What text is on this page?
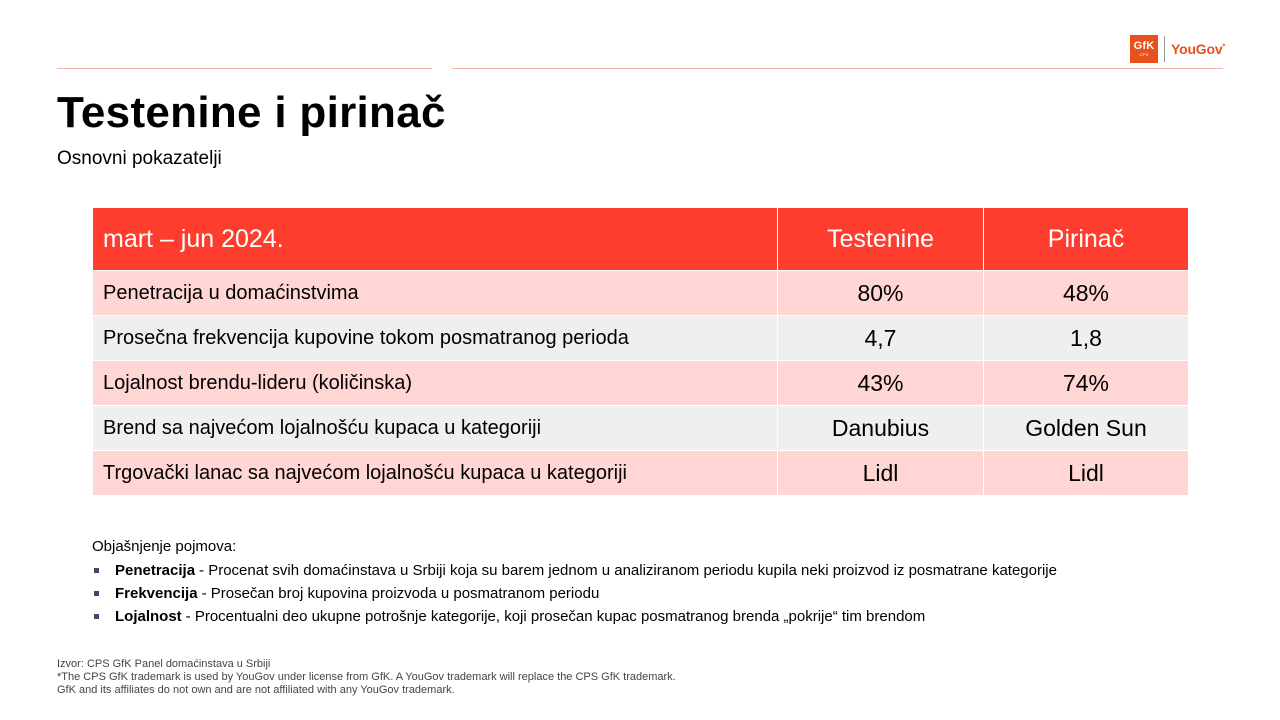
GfK
CPS YouGov*
Testenine i pirinač
Osnovni pokazatelji
mart – jun 2024.	Testenine	Pirinač
Penetracija u domaćinstvima	80%	48%
Prosečna frekvencija kupovine tokom posmatranog perioda	4,7	1,8
Lojalnost brendu-lideru (količinska)	43%	74%
Brend sa najvećom lojalnošću kupaca u kategoriji	Danubius	Golden Sun
Trgovački lanac sa najvećom lojalnošću kupaca u kategoriji	Lidl	Lidl
Objašnjenje pojmova:
Penetracija - Procenat svih domaćinstava u Srbiji koja su barem jednom u analiziranom periodu kupila neki proizvod iz posmatrane kategorije
Frekvencija - Prosečan broj kupovina proizvoda u posmatranom periodu
Lojalnost - Procentualni deo ukupne potrošnje kategorije, koji prosečan kupac posmatranog brenda „pokrije“ tim brendom
Izvor: CPS GfK Panel domaćinstava u Srbiji
*The CPS GfK trademark is used by YouGov under license from GfK. A YouGov trademark will replace the CPS GfK trademark.
GfK and its affiliates do not own and are not affiliated with any YouGov trademark.
